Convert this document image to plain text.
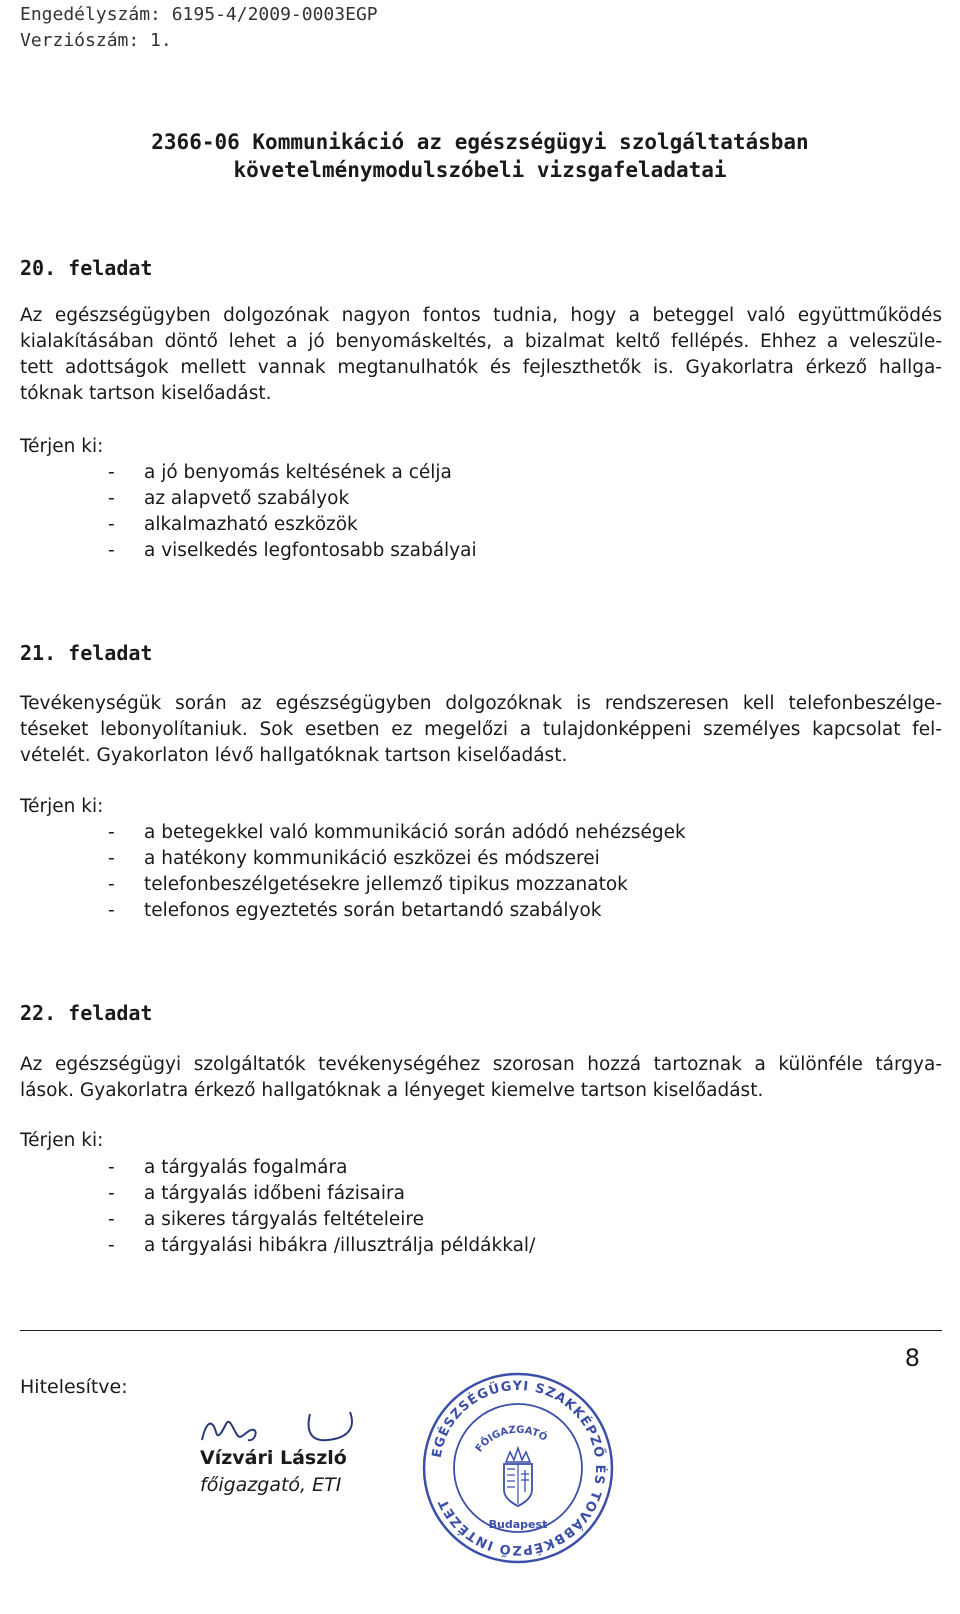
Engedélyszám: 6195-4/2009-0003EGP
Verziószám: 1.
2366-06 Kommunikáció az egészségügyi szolgáltatásban
követelménymodulszóbeli vizsgafeladatai
20. feladat

Az egészségügyben dolgozónak nagyon fontos tudnia, hogy a beteggel való együttműködés
kialakításában döntő lehet a jó benyomáskeltés, a bizalmat keltő fellépés. Ehhez a veleszüle-
tett adottságok mellett vannak megtanulhatók és fejleszthetők is. Gyakorlatra érkező hallga-
tóknak tartson kiselőadást.

Térjen ki:
- a jó benyomás keltésének a célja
- az alapvető szabályok
- alkalmazható eszközök
- a viselkedés legfontosabb szabályai
21. feladat

Tevékenységük során az egészségügyben dolgozóknak is rendszeresen kell telefonbeszélge-
téseket lebonyolítaniuk. Sok esetben ez megelőzi a tulajdonképpeni személyes kapcsolat fel-
vételét. Gyakorlaton lévő hallgatóknak tartson kiselőadást.

Térjen ki:
- a betegekkel való kommunikáció során adódó nehézségek
- a hatékony kommunikáció eszközei és módszerei
- telefonbeszélgetésekre jellemző tipikus mozzanatok
- telefonos egyeztetés során betartandó szabályok
22. feladat

Az egészségügyi szolgáltatók tevékenységéhez szorosan hozzá tartoznak a különféle tárgya-
lások. Gyakorlatra érkező hallgatóknak a lényeget kiemelve tartson kiselőadást.

Térjen ki:
- a tárgyalás fogalmára
- a tárgyalás időbeni fázisaira
- a sikeres tárgyalás feltételeire
- a tárgyalási hibákra /illusztrálja példákkal/
8
Hitelesítve:
Vízvári László
főigazgató, ETI
EGÉSZSÉGÜGYI SZAKKÉPZŐ ÉS TOVÁBBKÉPZŐ INTÉZET
FŐIGAZGATÓ
Budapest
